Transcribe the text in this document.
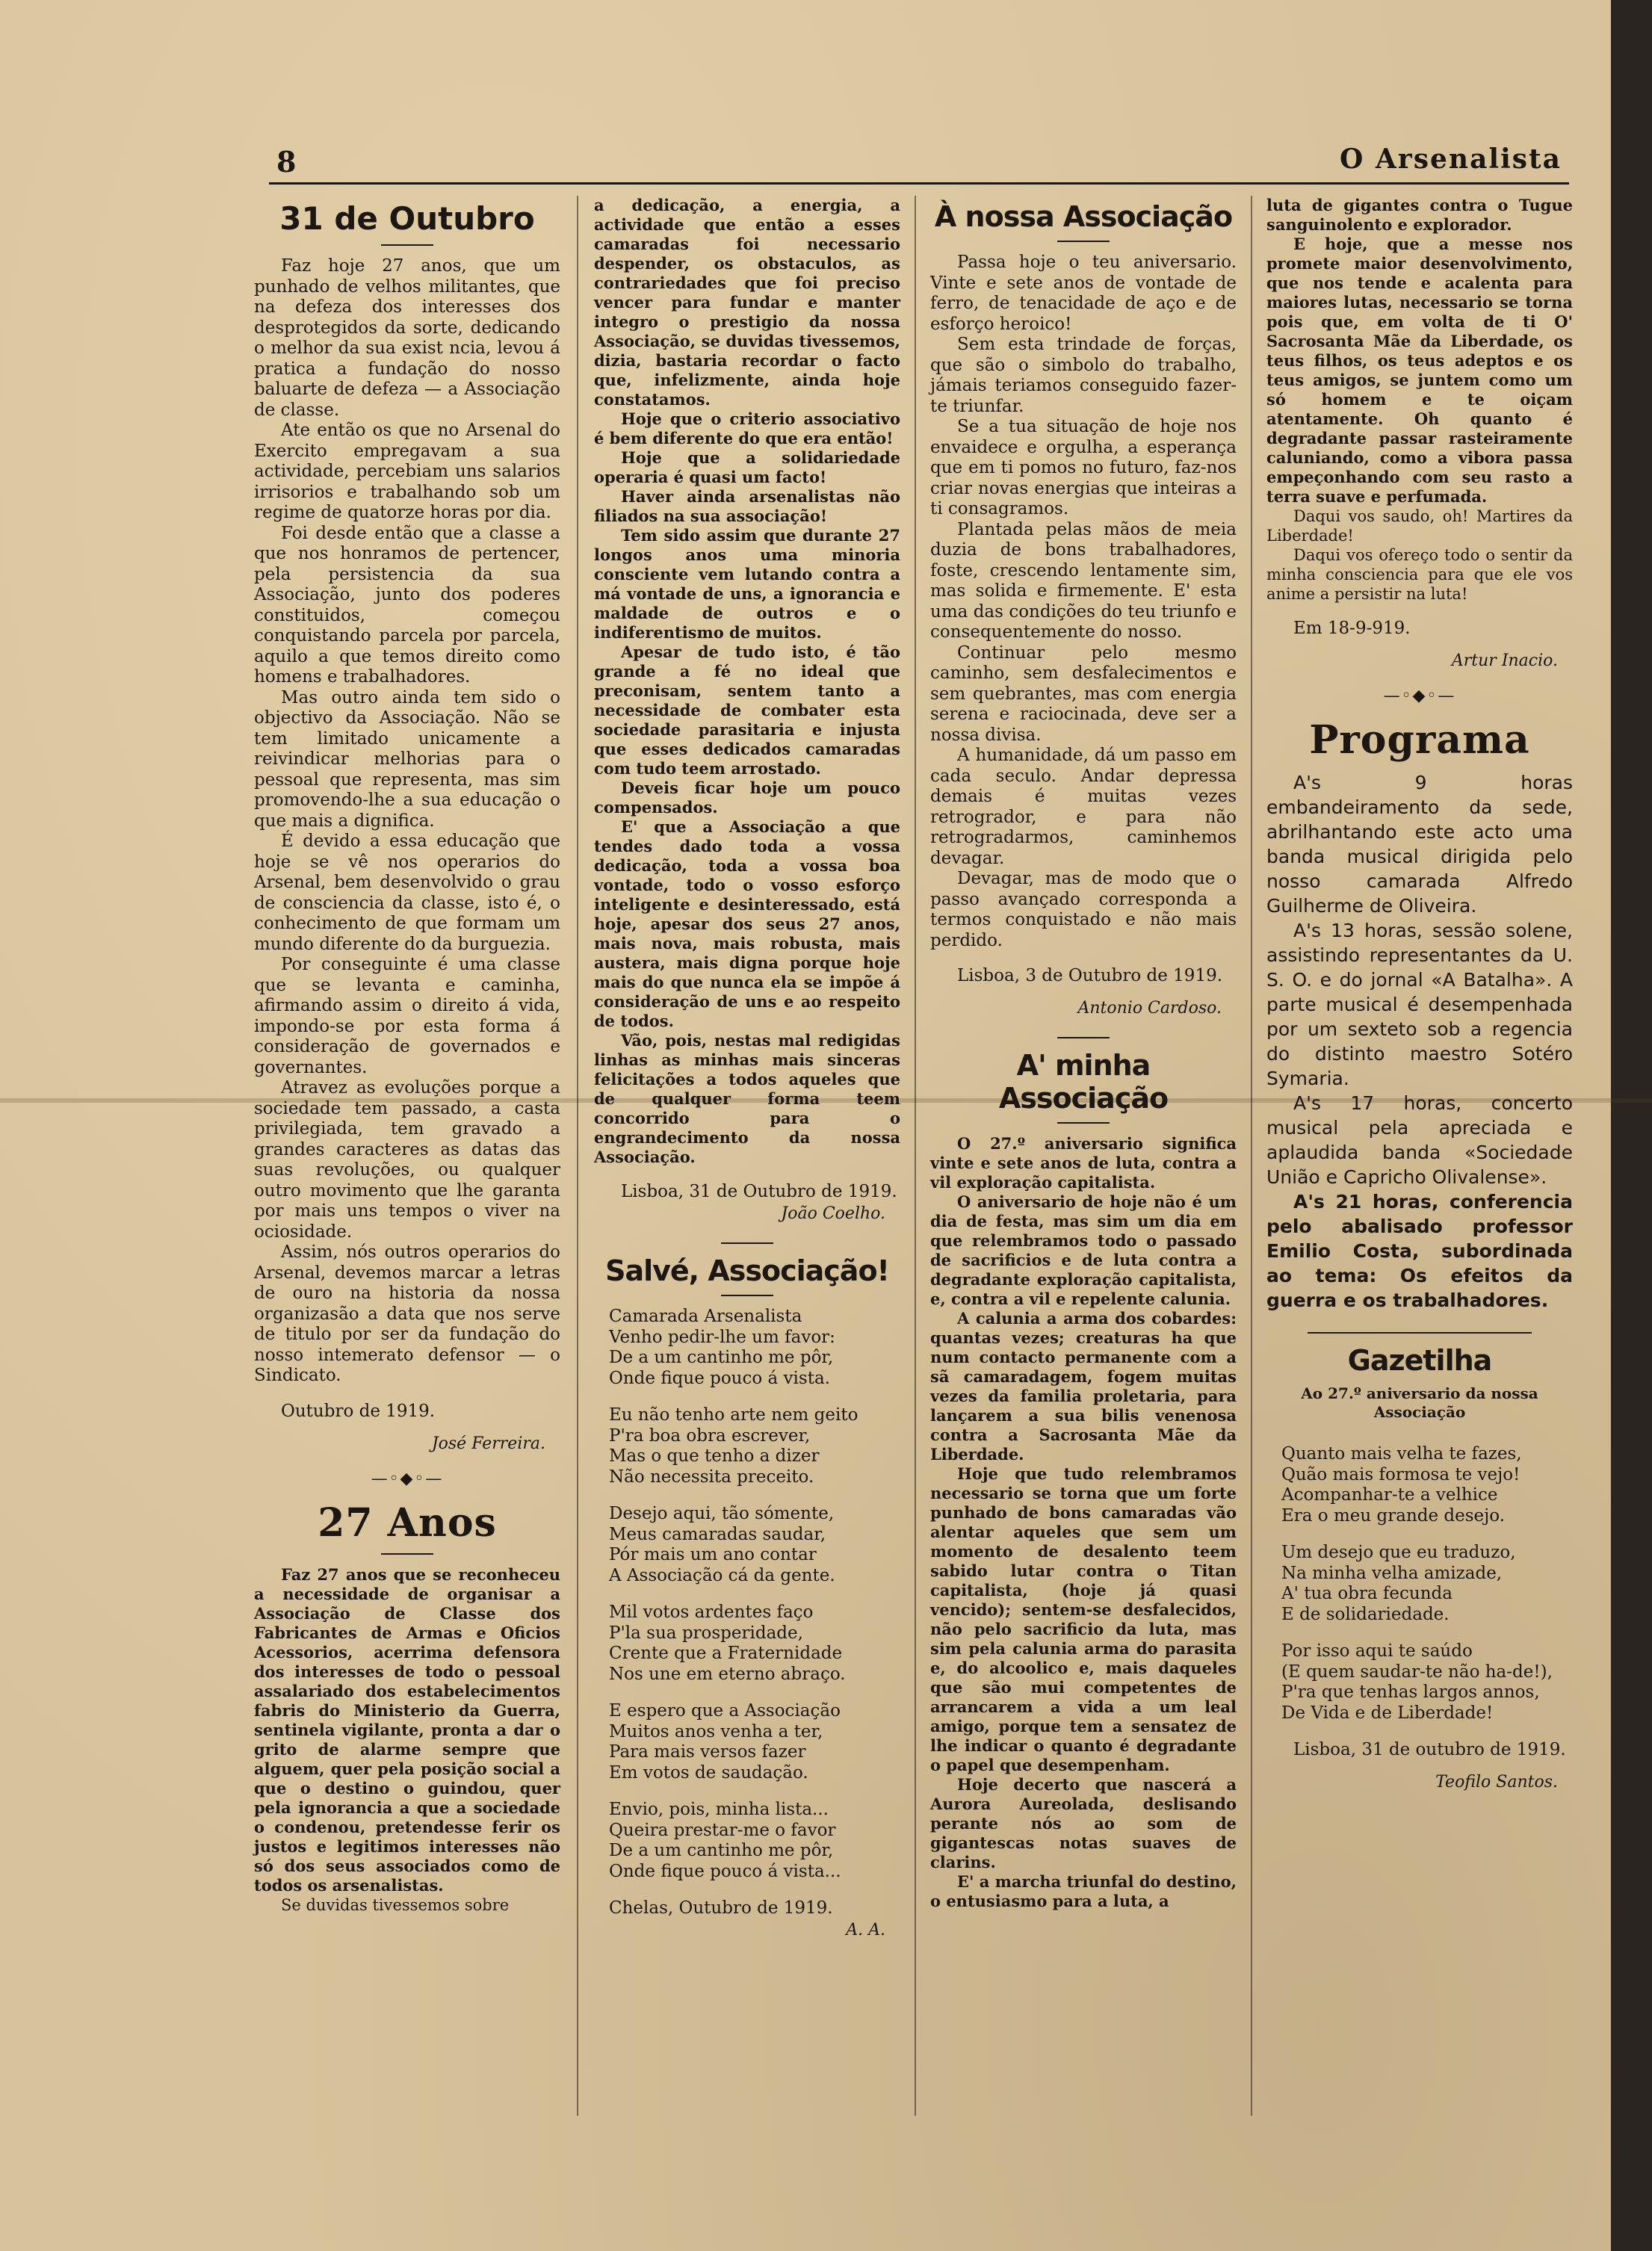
8	O Arsenalista
31 de Outubro

Faz hoje 27 anos, que um punhado de velhos militantes, que na defeza dos interesses dos desprotegidos da sorte, dedicando o melhor da sua exist ncia, levou á pratica a fundação do nosso baluarte de defeza — a Associação de classe.

Ate então os que no Arsenal do Exercito empregavam a sua actividade, percebiam uns salarios irrisorios e trabalhando sob um regime de quatorze horas por dia.

Foi desde então que a classe a que nos honramos de pertencer, pela persistencia da sua Associação, junto dos poderes constituidos, começou conquistando parcela por parcela, aquilo a que temos direito como homens e trabalhadores.

Mas outro ainda tem sido o objectivo da Associação. Não se tem limitado unicamente a reivindicar melhorias para o pessoal que representa, mas sim promovendo-lhe a sua educação o que mais a dignifica.

É devido a essa educação que hoje se vê nos operarios do Arsenal, bem desenvolvido o grau de consciencia da classe, isto é, o conhecimento de que formam um mundo diferente do da burguezia.

Por conseguinte é uma classe que se levanta e caminha, afirmando assim o direito á vida, impondo-se por esta forma á consideração de governados e governantes.

Atravez as evoluções porque a sociedade tem passado, a casta privilegiada, tem gravado a grandes caracteres as datas das suas revoluções, ou qualquer outro movimento que lhe garanta por mais uns tempos o viver na ociosidade.

Assim, nós outros operarios do Arsenal, devemos marcar a letras de ouro na historia da nossa organizasão a data que nos serve de titulo por ser da fundação do nosso intemerato defensor — o Sindicato.

Outubro de 1919.
José Ferreira.
—◦◆◦—
27 Anos

Faz 27 anos que se reconheceu a necessidade de organisar a Associação de Classe dos Fabricantes de Armas e Oficios Acessorios, acerrima defensora dos interesses de todo o pessoal assalariado dos estabelecimentos fabris do Ministerio da Guerra, sentinela vigilante, pronta a dar o grito de alarme sempre que alguem, quer pela posição social a que o destino o guindou, quer pela ignorancia a que a sociedade o condenou, pretendesse ferir os justos e legitimos interesses não só dos seus associados como de todos os arsenalistas.

Se duvidas tivessemos sobre

a dedicação, a energia, a actividade que então a esses camaradas foi necessario despender, os obstaculos, as contrariedades que foi preciso vencer para fundar e manter integro o prestigio da nossa Associação, se duvidas tivessemos, dizia, bastaria recordar o facto que, infelizmente, ainda hoje constatamos.

Hoje que o criterio associativo é bem diferente do que era então!

Hoje que a solidariedade operaria é quasi um facto!

Haver ainda arsenalistas não filiados na sua associação!

Tem sido assim que durante 27 longos anos uma minoria consciente vem lutando contra a má vontade de uns, a ignorancia e maldade de outros e o indiferentismo de muitos.

Apesar de tudo isto, é tão grande a fé no ideal que preconisam, sentem tanto a necessidade de combater esta sociedade parasitaria e injusta que esses dedicados camaradas com tudo teem arrostado.

Deveis ficar hoje um pouco compensados.

E' que a Associação a que tendes dado toda a vossa dedicação, toda a vossa boa vontade, todo o vosso esforço inteligente e desinteressado, está hoje, apesar dos seus 27 anos, mais nova, mais robusta, mais austera, mais digna porque hoje mais do que nunca ela se impõe á consideração de uns e ao respeito de todos.

Vão, pois, nestas mal redigidas linhas as minhas mais sinceras felicitações a todos aqueles que de qualquer forma teem concorrido para o engrandecimento da nossa Associação.

Lisboa, 31 de Outubro de 1919.
João Coelho.
Salvé, Associação!
Camarada Arsenalista
Venho pedir-lhe um favor:
De a um cantinho me pôr,
Onde fique pouco á vista.
Eu não tenho arte nem geito
P'ra boa obra escrever,
Mas o que tenho a dizer
Não necessita preceito.
Desejo aqui, tão sómente,
Meus camaradas saudar,
Pór mais um ano contar
A Associação cá da gente.
Mil votos ardentes faço
P'la sua prosperidade,
Crente que a Fraternidade
Nos une em eterno abraço.
E espero que a Associação
Muitos anos venha a ter,
Para mais versos fazer
Em votos de saudação.
Envio, pois, minha lista...
Queira prestar-me o favor
De a um cantinho me pôr,
Onde fique pouco á vista...
Chelas, Outubro de 1919.
A. A.
À nossa Associação

Passa hoje o teu aniversario. Vinte e sete anos de vontade de ferro, de tenacidade de aço e de esforço heroico!

Sem esta trindade de forças, que são o simbolo do trabalho, jámais teriamos conseguido fazer-te triunfar.

Se a tua situação de hoje nos envaidece e orgulha, a esperança que em ti pomos no futuro, faz-nos criar novas energias que inteiras a ti consagramos.

Plantada pelas mãos de meia duzia de bons trabalhadores, foste, crescendo lentamente sim, mas solida e firmemente. E' esta uma das condições do teu triunfo e consequentemente do nosso.

Continuar pelo mesmo caminho, sem desfalecimentos e sem quebrantes, mas com energia serena e raciocinada, deve ser a nossa divisa.

A humanidade, dá um passo em cada seculo. Andar depressa demais é muitas vezes retrogrador, e para não retrogradarmos, caminhemos devagar.

Devagar, mas de modo que o passo avançado corresponda a termos conquistado e não mais perdido.

Lisboa, 3 de Outubro de 1919.
Antonio Cardoso.
A' minha Associação

O 27.º aniversario significa vinte e sete anos de luta, contra a vil exploração capitalista.

O aniversario de hoje não é um dia de festa, mas sim um dia em que relembramos todo o passado de sacrificios e de luta contra a degradante exploração capitalista, e, contra a vil e repelente calunia.

A calunia a arma dos cobardes: quantas vezes; creaturas ha que num contacto permanente com a sã camaradagem, fogem muitas vezes da familia proletaria, para lançarem a sua bilis venenosa contra a Sacrosanta Mãe da Liberdade.

Hoje que tudo relembramos necessario se torna que um forte punhado de bons camaradas vão alentar aqueles que sem um momento de desalento teem sabido lutar contra o Titan capitalista, (hoje já quasi vencido); sentem-se desfalecidos, não pelo sacrificio da luta, mas sim pela calunia arma do parasita e, do alcoolico e, mais daqueles que são mui competentes de arrancarem a vida a um leal amigo, porque tem a sensatez de lhe indicar o quanto é degradante o papel que desempenham.

Hoje decerto que nascerá a Aurora Aureolada, deslisando perante nós ao som de gigantescas notas suaves de clarins.

E' a marcha triunfal do destino, o entusiasmo para a luta, a

luta de gigantes contra o Tugue sanguinolento e explorador.

E hoje, que a messe nos promete maior desenvolvimento, que nos tende e acalenta para maiores lutas, necessario se torna pois que, em volta de ti O' Sacrosanta Mãe da Liberdade, os teus filhos, os teus adeptos e os teus amigos, se juntem como um só homem e te oiçam atentamente. Oh quanto é degradante passar rasteiramente caluniando, como a vibora passa empeçonhando com seu rasto a terra suave e perfumada.

Daqui vos saudo, oh! Martires da Liberdade!

Daqui vos ofereço todo o sentir da minha consciencia para que ele vos anime a persistir na luta!

Em 18-9-919.
Artur Inacio.
—◦◆◦—
Programa

A's 9 horas embandeiramento da sede, abrilhantando este acto uma banda musical dirigida pelo nosso camarada Alfredo Guilherme de Oliveira.

A's 13 horas, sessão solene, assistindo representantes da U. S. O. e do jornal «A Batalha». A parte musical é desempenhada por um sexteto sob a regencia do distinto maestro Sotéro Symaria.

A's 17 horas, concerto musical pela apreciada e aplaudida banda «Sociedade União e Capricho Olivalense».

A's 21 horas, conferencia pelo abalisado professor Emilio Costa, subordinada ao tema: Os efeitos da guerra e os trabalhadores.

Gazetilha
Ao 27.º aniversario da nossa Associação
Quanto mais velha te fazes,
Quão mais formosa te vejo!
Acompanhar-te a velhice
Era o meu grande desejo.
Um desejo que eu traduzo,
Na minha velha amizade,
A' tua obra fecunda
E de solidariedade.
Por isso aqui te saúdo
(E quem saudar-te não ha-de!),
P'ra que tenhas largos annos,
De Vida e de Liberdade!
Lisboa, 31 de outubro de 1919.
Teofilo Santos.
